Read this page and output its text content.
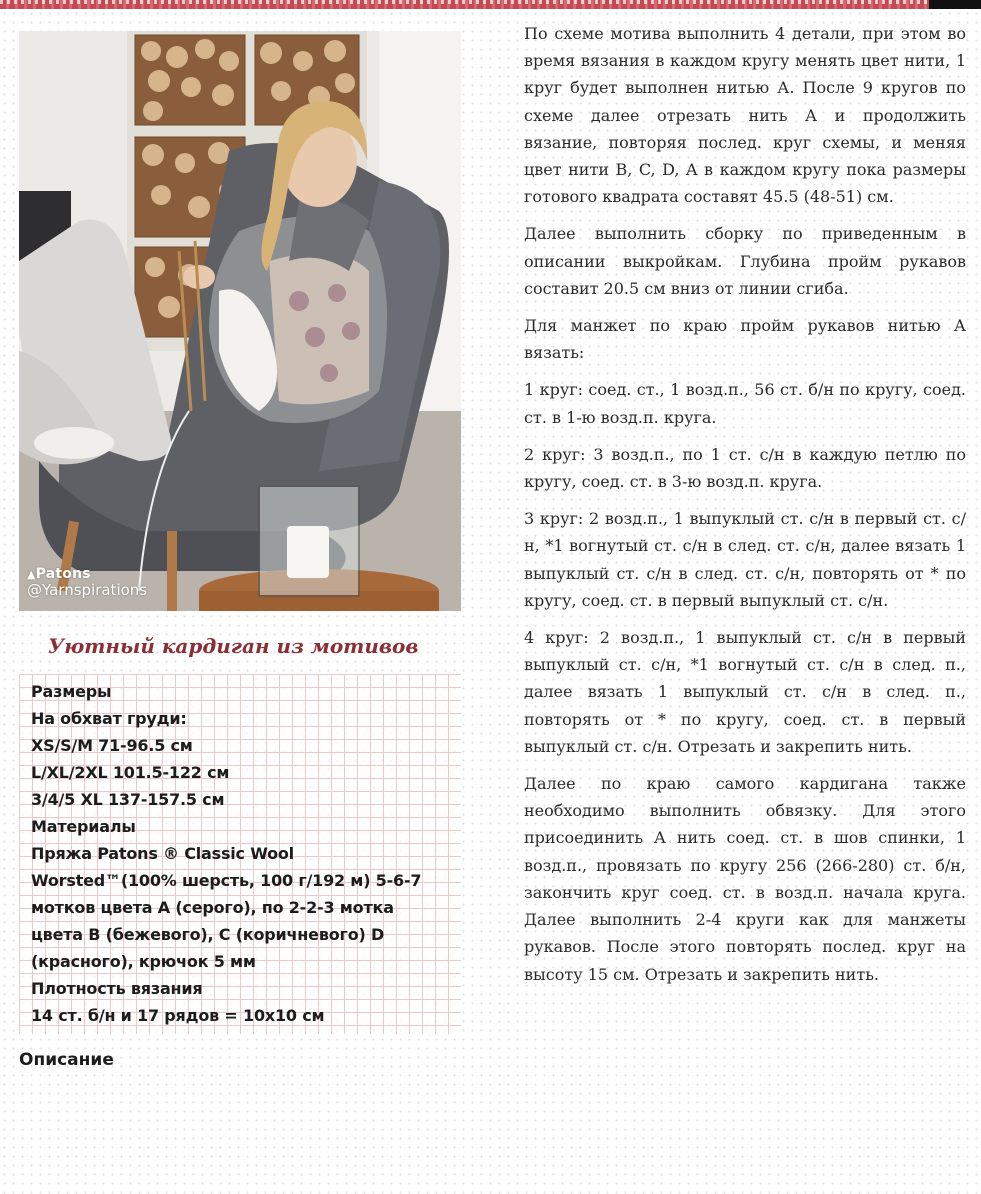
▲Patons
@Yarnspirations
Уютный кардиган из мотивов
Размеры
На обхват груди:
XS/S/M 71-96.5 см
L/XL/2XL 101.5-122 см
3/4/5 XL 137-157.5 см
Материалы
Пряжа Patons ® Classic Wool
Worsted™(100% шерсть, 100 г/192 м) 5-6-7
мотков цвета A (серого), по 2-2-3 мотка
цвета B (бежевого), C (коричневого) D
(красного), крючок 5 мм
Плотность вязания
14 ст. б/н и 17 рядов = 10х10 см
Описание

По схеме мотива выполнить 4 детали, при этом во время вязания в каждом кругу менять цвет нити, 1 круг будет выполнен нитью А. После 9 кругов по схеме далее отрезать нить А и продолжить вязание, повторяя послед. круг схемы, и меняя цвет нити B, C, D, A в каждом кругу пока размеры готового квадрата составят 45.5 (48-51) см.

Далее выполнить сборку по приведенным в описании выкройкам. Глубина пройм рукавов составит 20.5 см вниз от линии сгиба.

Для манжет по краю пройм рукавов нитью А вязать:

1 круг: соед. ст., 1 возд.п., 56 ст. б/н по кругу, соед. ст. в 1-ю возд.п. круга.

2 круг: 3 возд.п., по 1 ст. с/н в каждую петлю по кругу, соед. ст. в 3-ю возд.п. круга.

3 круг: 2 возд.п., 1 выпуклый ст. с/н в первый ст. с/н, *1 вогнутый ст. с/н в след. ст. с/н, далее вязать 1 выпуклый ст. с/н в след. ст. с/н, повторять от * по кругу, соед. ст. в первый выпуклый ст. с/н.

4 круг: 2 возд.п., 1 выпуклый ст. с/н в первый выпуклый ст. с/н, *1 вогнутый ст. с/н в след. п., далее вязать 1 выпуклый ст. с/н в след. п., повторять от * по кругу, соед. ст. в первый выпуклый ст. с/н. Отрезать и закрепить нить.

Далее по краю самого кардигана также необходимо выполнить обвязку. Для этого присоединить А нить соед. ст. в шов спинки, 1 возд.п., провязать по кругу 256 (266-280) ст. б/н, закончить круг соед. ст. в возд.п. начала круга. Далее выполнить 2-4 круги как для манжеты рукавов. После этого повторять послед. круг на высоту 15 см. Отрезать и закрепить нить.
